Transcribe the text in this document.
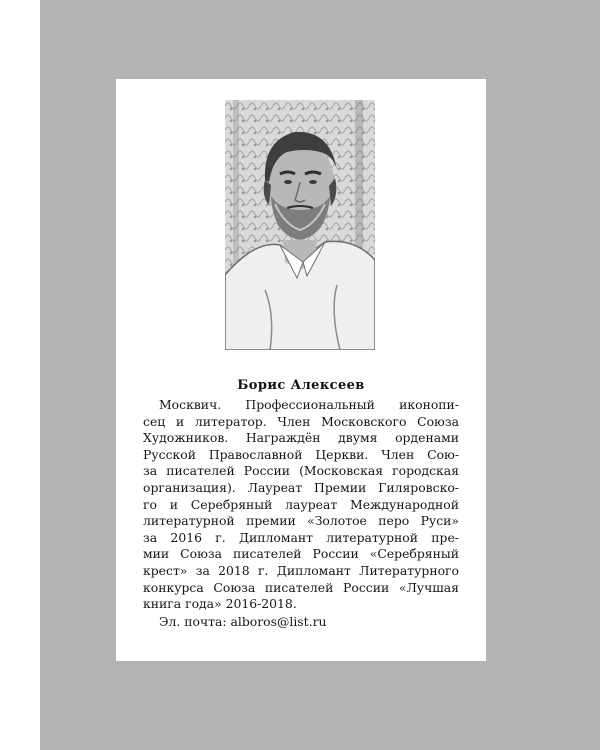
Борис Алексеев
Москвич. Профессиональный иконопи-
сец и литератор. Член Московского Союза
Художников. Награждён двумя орденами
Русской Православной Церкви. Член Сою-
за писателей России (Московская городская
организация). Лауреат Премии Гиляровско-
го и Серебряный лауреат Международной
литературной премии «Золотое перо Руси»
за 2016 г. Дипломант литературной пре-
мии Союза писателей России «Серебряный
крест» за 2018 г. Дипломант Литературного
конкурса Союза писателей России «Лучшая
книга года» 2016-2018.
Эл. почта: alboros@list.ru
